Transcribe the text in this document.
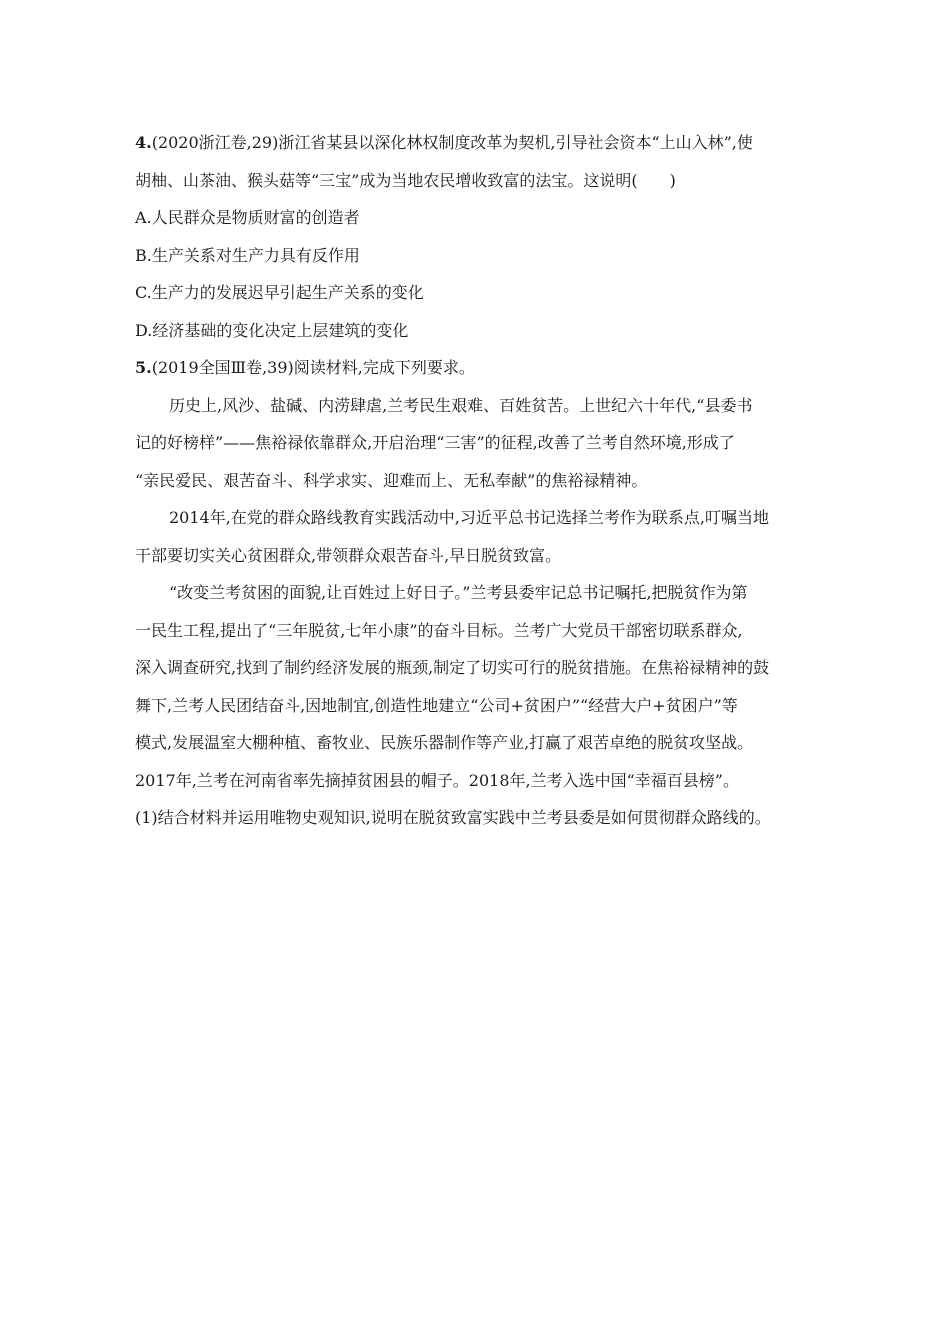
4.(2020浙江卷,29)浙江省某县以深化林权制度改革为契机,引导社会资本“上山入林”,使
胡柚、山茶油、猴头菇等“三宝”成为当地农民增收致富的法宝。这说明(　　)
A.人民群众是物质财富的创造者
B.生产关系对生产力具有反作用
C.生产力的发展迟早引起生产关系的变化
D.经济基础的变化决定上层建筑的变化
5.(2019全国Ⅲ卷,39)阅读材料,完成下列要求。
历史上,风沙、盐碱、内涝肆虐,兰考民生艰难、百姓贫苦。上世纪六十年代,“县委书
记的好榜样”——焦裕禄依靠群众,开启治理“三害”的征程,改善了兰考自然环境,形成了
“亲民爱民、艰苦奋斗、科学求实、迎难而上、无私奉献”的焦裕禄精神。
2014年,在党的群众路线教育实践活动中,习近平总书记选择兰考作为联系点,叮嘱当地
干部要切实关心贫困群众,带领群众艰苦奋斗,早日脱贫致富。
“改变兰考贫困的面貌,让百姓过上好日子。”兰考县委牢记总书记嘱托,把脱贫作为第
一民生工程,提出了“三年脱贫,七年小康”的奋斗目标。兰考广大党员干部密切联系群众,
深入调查研究,找到了制约经济发展的瓶颈,制定了切实可行的脱贫措施。在焦裕禄精神的鼓
舞下,兰考人民团结奋斗,因地制宜,创造性地建立“公司+贫困户”“经营大户+贫困户”等
模式,发展温室大棚种植、畜牧业、民族乐器制作等产业,打赢了艰苦卓绝的脱贫攻坚战。
2017年,兰考在河南省率先摘掉贫困县的帽子。2018年,兰考入选中国“幸福百县榜”。
(1)结合材料并运用唯物史观知识,说明在脱贫致富实践中兰考县委是如何贯彻群众路线的。
